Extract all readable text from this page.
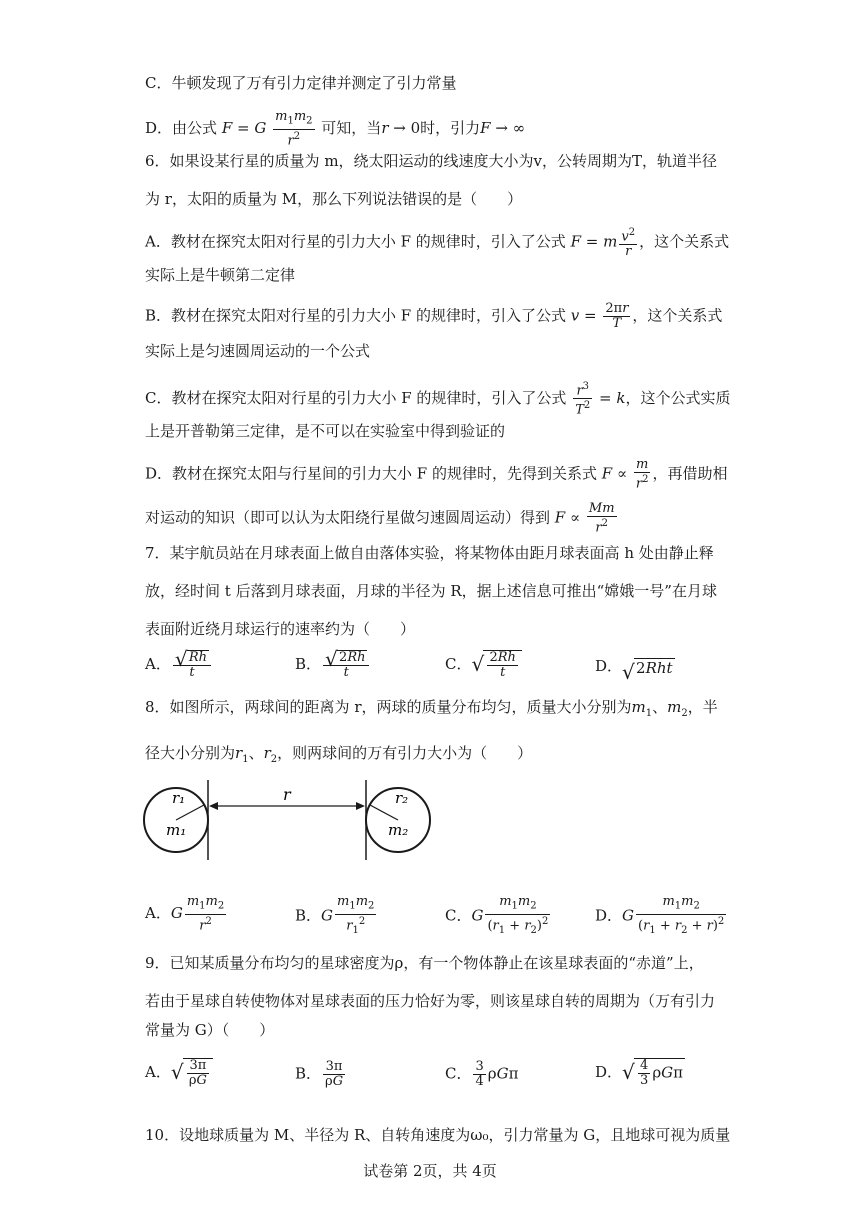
C．牛顿发现了万有引力定律并测定了引力常量
D．由公式 F = G $\frac{m_1m_2}{r^2}$ 可知，当r → 0时，引力F → ∞
6．如果设某行星的质量为 m，绕太阳运动的线速度大小为v，公转周期为T，轨道半径
为 r，太阳的质量为 M，那么下列说法错误的是（　　）
A．教材在探究太阳对行星的引力大小 F 的规律时，引入了公式 F = m $\frac{v^2}{r}$ ，这个关系式
实际上是牛顿第二定律
B．教材在探究太阳对行星的引力大小 F 的规律时，引入了公式 $v = \frac{2\pi r}{T}$ ，这个关系式
实际上是匀速圆周运动的一个公式
C．教材在探究太阳对行星的引力大小 F 的规律时，引入了公式 $\frac{r^3}{T^2} = k$，这个公式实质
上是开普勒第三定律，是不可以在实验室中得到验证的
D．教材在探究太阳与行星间的引力大小 F 的规律时，先得到关系式 $F \propto \frac{m}{r^2}$ ，再借助相
对运动的知识（即可以认为太阳绕行星做匀速圆周运动）得到 $F \propto \frac{Mm}{r^2}$
7．某宇航员站在月球表面上做自由落体实验，将某物体由距月球表面高 h 处由静止释
放，经时间 t 后落到月球表面，月球的半径为 R，据上述信息可推出“嫦娥一号”在月球
表面附近绕月球运行的速率约为（　　）
A． √ $\frac{Rh}{t}$	B． √ $\frac{2Rh}{t}$	C． √ $\frac{2Rh}{t}$	D． √ 2Rht
8．如图所示，两球间的距离为 r，两球的质量分布均匀，质量大小分别为$m_1$、$m_2$，半
径大小分别为$r_1$、$r_2$，则两球间的万有引力大小为（　　）
r₁
m₁
r	r₂
m₂
A．G $\frac{m_1m_2}{r^2}$	B．G $\frac{m_1m_2}{r_1^2}$	C．G $\frac{m_1m_2}{(r_1 + r_2)^2}$	D．G $\frac{m_1m_2}{(r_1 + r_2 + r)^2}$
9．已知某质量分布均匀的星球密度为ρ，有一个物体静止在该星球表面的“赤道”上，
若由于星球自转使物体对星球表面的压力恰好为零，则该星球自转的周期为（万有引力
常量为 G）（　　）
A． √ $\frac{3\pi}{\rho G}$	B． $\frac{3\pi}{\rho G}$	C． $\frac{3}{4}$ ρGπ	D． √ $\frac{4}{3}$ ρGπ
10．设地球质量为 M、半径为 R、自转角速度为ω₀，引力常量为 G，且地球可视为质量
试卷第 2页，共 4页
